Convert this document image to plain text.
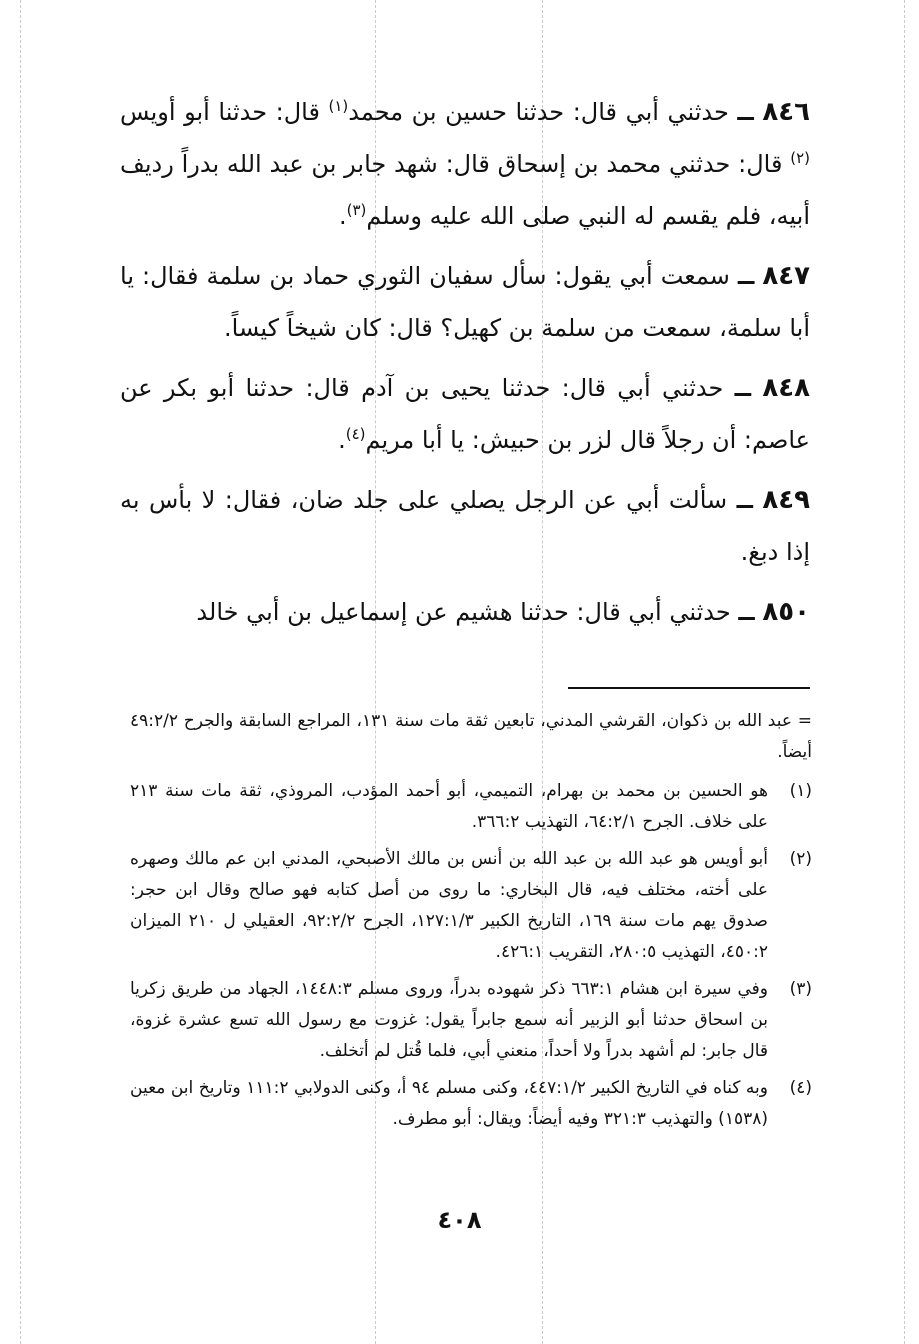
٨٤٦ ــ حدثني أبي قال: حدثنا حسين بن محمد$^{(١)}$ قال: حدثنا أبو أويس $^{(٢)}$ قال: حدثني محمد بن إسحاق قال: شهد جابر بن عبد الله بدراً رديف أبيه، فلم يقسم له النبي صلى الله عليه وسلم$^{(٣)}$.

٨٤٧ ــ سمعت أبي يقول: سأل سفيان الثوري حماد بن سلمة فقال: يا أبا سلمة، سمعت من سلمة بن كهيل؟ قال: كان شيخاً كيساً.

٨٤٨ ــ حدثني أبي قال: حدثنا يحيى بن آدم قال: حدثنا أبو بكر عن عاصم: أن رجلاً قال لزر بن حبيش: يا أبا مريم$^{(٤)}$.

٨٤٩ ــ سألت أبي عن الرجل يصلي على جلد ضان، فقال: لا بأس به إذا دبغ.

٨٥٠ ــ حدثني أبي قال: حدثنا هشيم عن إسماعيل بن أبي خالد

= عبد الله بن ذكوان، القرشي المدني، تابعين ثقة مات سنة ١٣١، المراجع السابقة والجرح ٤٩:٢/٢ أيضاً.
(١)
هو الحسين بن محمد بن بهرام، التميمي، أبو أحمد المؤدب، المروذي، ثقة مات سنة ٢١٣ على خلاف. الجرح ٦٤:٢/١، التهذيب ٣٦٦:٢.
(٢)
أبو أويس هو عبد الله بن عبد الله بن أنس بن مالك الأصبحي، المدني ابن عم مالك وصهره على أخته، مختلف فيه، قال البخاري: ما روى من أصل كتابه فهو صالح وقال ابن حجر: صدوق يهم مات سنة ١٦٩، التاريخ الكبير ١٢٧:١/٣، الجرح ٩٢:٢/٢، العقيلي ل ٢١٠ الميزان ٤٥٠:٢، التهذيب ٢٨٠:٥، التقريب ٤٢٦:١.
(٣)
وفي سيرة ابن هشام ٦٦٣:١ ذكر شهوده بدراً، وروى مسلم ١٤٤٨:٣، الجهاد من طريق زكريا بن اسحاق حدثنا أبو الزبير أنه سمع جابراً يقول: غزوت مع رسول الله تسع عشرة غزوة، قال جابر: لم أشهد بدراً ولا أحداً، منعني أبي، فلما قُتل لم أتخلف.
(٤)
وبه كناه في التاريخ الكبير ٤٤٧:١/٢، وكنى مسلم ٩٤ أ، وكنى الدولابي ١١١:٢ وتاريخ ابن معين (١٥٣٨) والتهذيب ٣٢١:٣ وفيه أيضاً: ويقال: أبو مطرف.
٤٠٨
